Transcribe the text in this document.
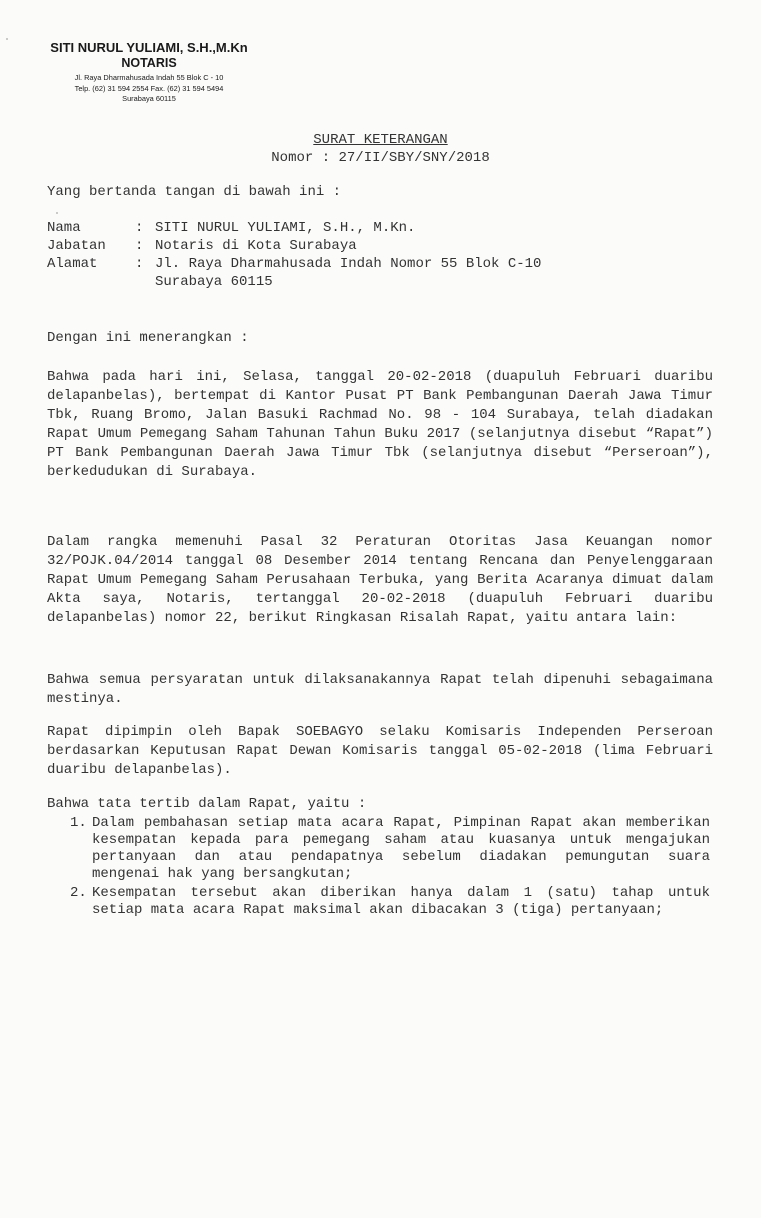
SITI NURUL YULIAMI, S.H.,M.Kn
NOTARIS
Jl. Raya Dharmahusada Indah 55 Blok C - 10
Telp. (62) 31 594 2554 Fax. (62) 31 594 5494
Surabaya 60115
SURAT KETERANGAN
Nomor : 27/II/SBY/SNY/2018
Yang bertanda tangan di bawah ini :
Nama	: SITI NURUL YULIAMI, S.H., M.Kn.
Jabatan : Notaris di Kota Surabaya
Alamat	: Jl. Raya Dharmahusada Indah Nomor 55 Blok C-10
Surabaya 60115
Dengan ini menerangkan :
Bahwa pada hari ini, Selasa, tanggal 20-02-2018 (duapuluh Februari duaribu delapanbelas), bertempat di Kantor Pusat PT Bank Pembangunan Daerah Jawa Timur Tbk, Ruang Bromo, Jalan Basuki Rachmad No. 98 - 104 Surabaya, telah diadakan Rapat Umum Pemegang Saham Tahunan Tahun Buku 2017 (selanjutnya disebut “Rapat”) PT Bank Pembangunan Daerah Jawa Timur Tbk (selanjutnya disebut “Perseroan”), berkedudukan di Surabaya.
Dalam rangka memenuhi Pasal 32 Peraturan Otoritas Jasa Keuangan nomor 32/POJK.04/2014 tanggal 08 Desember 2014 tentang Rencana dan Penyelenggaraan Rapat Umum Pemegang Saham Perusahaan Terbuka, yang Berita Acaranya dimuat dalam Akta saya, Notaris, tertanggal 20-02-2018 (duapuluh Februari duaribu delapanbelas) nomor 22, berikut Ringkasan Risalah Rapat, yaitu antara lain:
Bahwa semua persyaratan untuk dilaksanakannya Rapat telah dipenuhi sebagaimana mestinya.
Rapat dipimpin oleh Bapak SOEBAGYO selaku Komisaris Independen Perseroan berdasarkan Keputusan Rapat Dewan Komisaris tanggal 05-02-2018 (lima Februari duaribu delapanbelas).
Bahwa tata tertib dalam Rapat, yaitu :
1. Dalam pembahasan setiap mata acara Rapat, Pimpinan Rapat akan memberikan kesempatan kepada para pemegang saham atau kuasanya untuk mengajukan pertanyaan dan atau pendapatnya sebelum diadakan pemungutan suara mengenai hak yang bersangkutan;
2. Kesempatan tersebut akan diberikan hanya dalam 1 (satu) tahap untuk setiap mata acara Rapat maksimal akan dibacakan 3 (tiga) pertanyaan;
